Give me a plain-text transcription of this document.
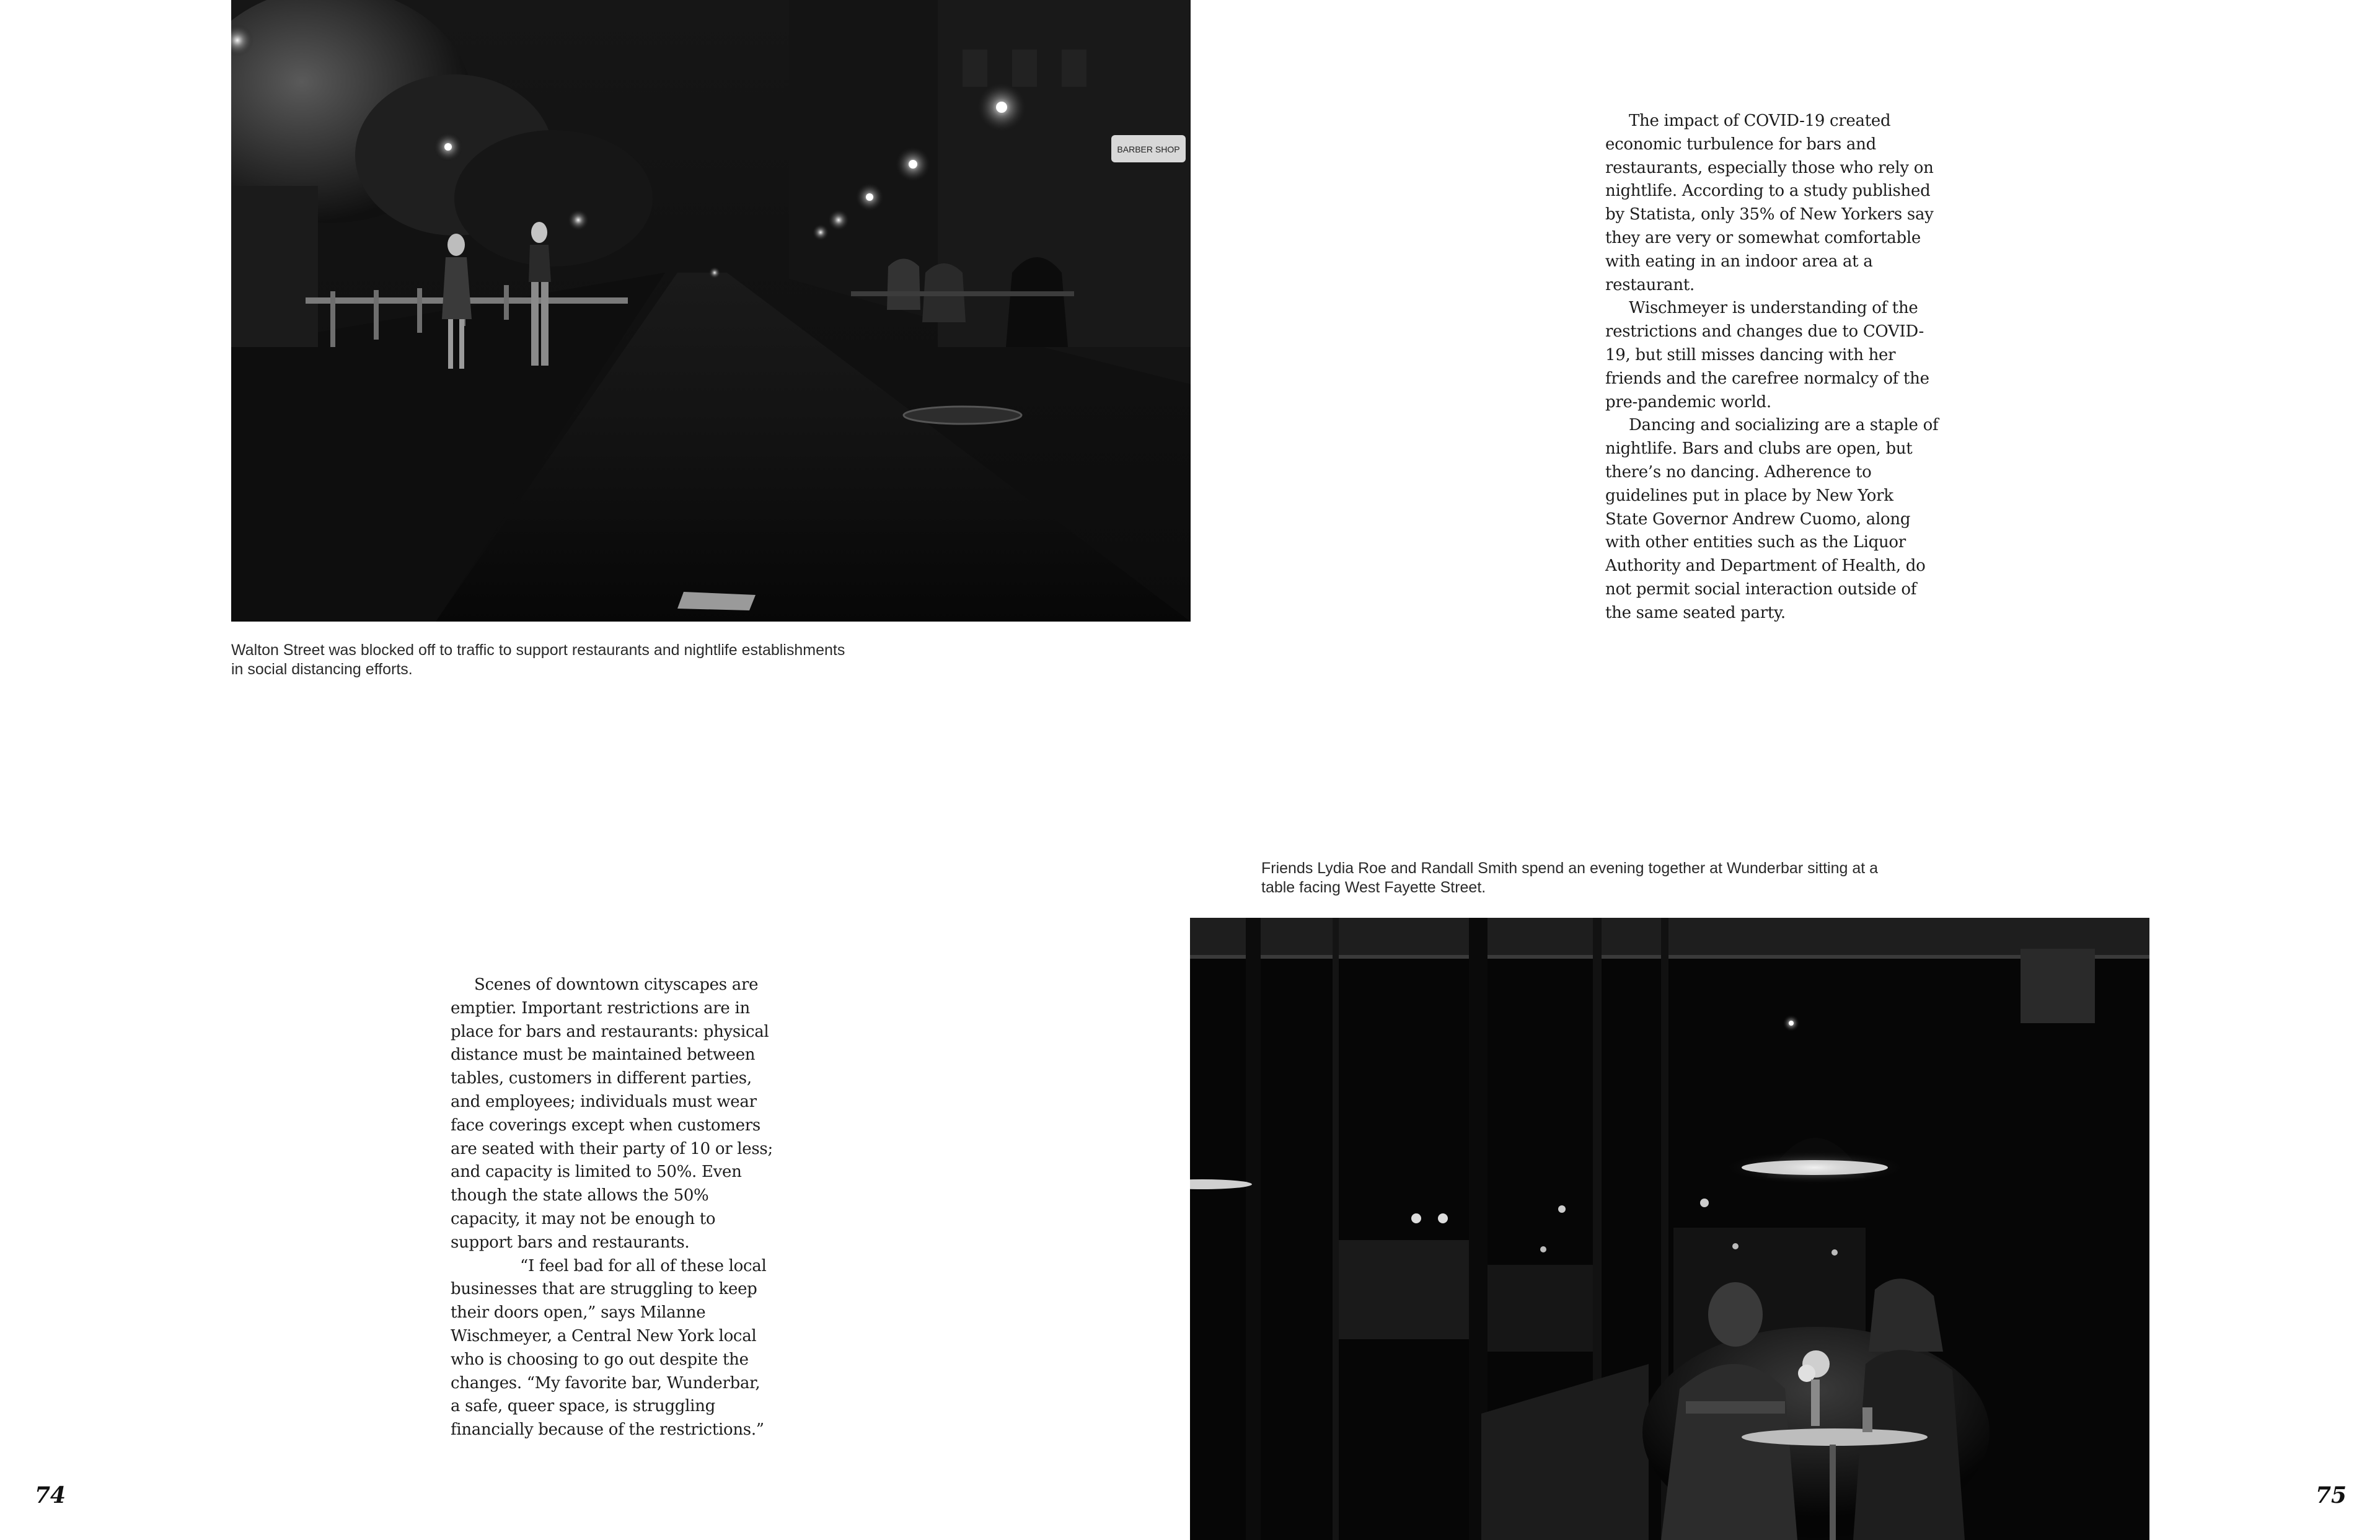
BARBER SHOP
Walton Street was blocked off to traffic to support restaurants and nightlife establishments
in social distancing efforts.

The impact of COVID-19 created economic turbulence for bars and restaurants, especially those who rely on nightlife. According to a study published by Statista, only 35% of New Yorkers say they are very or somewhat comfortable with eating in an indoor area at a restaurant.

Wischmeyer is understanding of the restrictions and changes due to COVID-19, but still misses dancing with her friends and the carefree normalcy of the pre-pandemic world.

Dancing and socializing are a staple of nightlife. Bars and clubs are open, but there’s no dancing. Adherence to guidelines put in place by New York State Governor Andrew Cuomo, along with other entities such as the Liquor Authority and Department of Health, do not permit social interaction outside of the same seated party.

Scenes of downtown cityscapes are emptier. Important restrictions are in place for bars and restaurants: physical distance must be maintained between tables, customers in different parties, and employees; individuals must wear face coverings except when customers are seated with their party of 10 or less; and capacity is limited to 50%. Even though the state allows the 50% capacity, it may not be enough to support bars and restaurants.

“I feel bad for all of these local businesses that are struggling to keep their doors open,” says Milanne Wischmeyer, a Central New York local who is choosing to go out despite the changes. “My favorite bar, Wunderbar, a safe, queer space, is struggling financially because of the restrictions.”

Friends Lydia Roe and Randall Smith spend an evening together at Wunderbar sitting at a
table facing West Fayette Street.
74	75
